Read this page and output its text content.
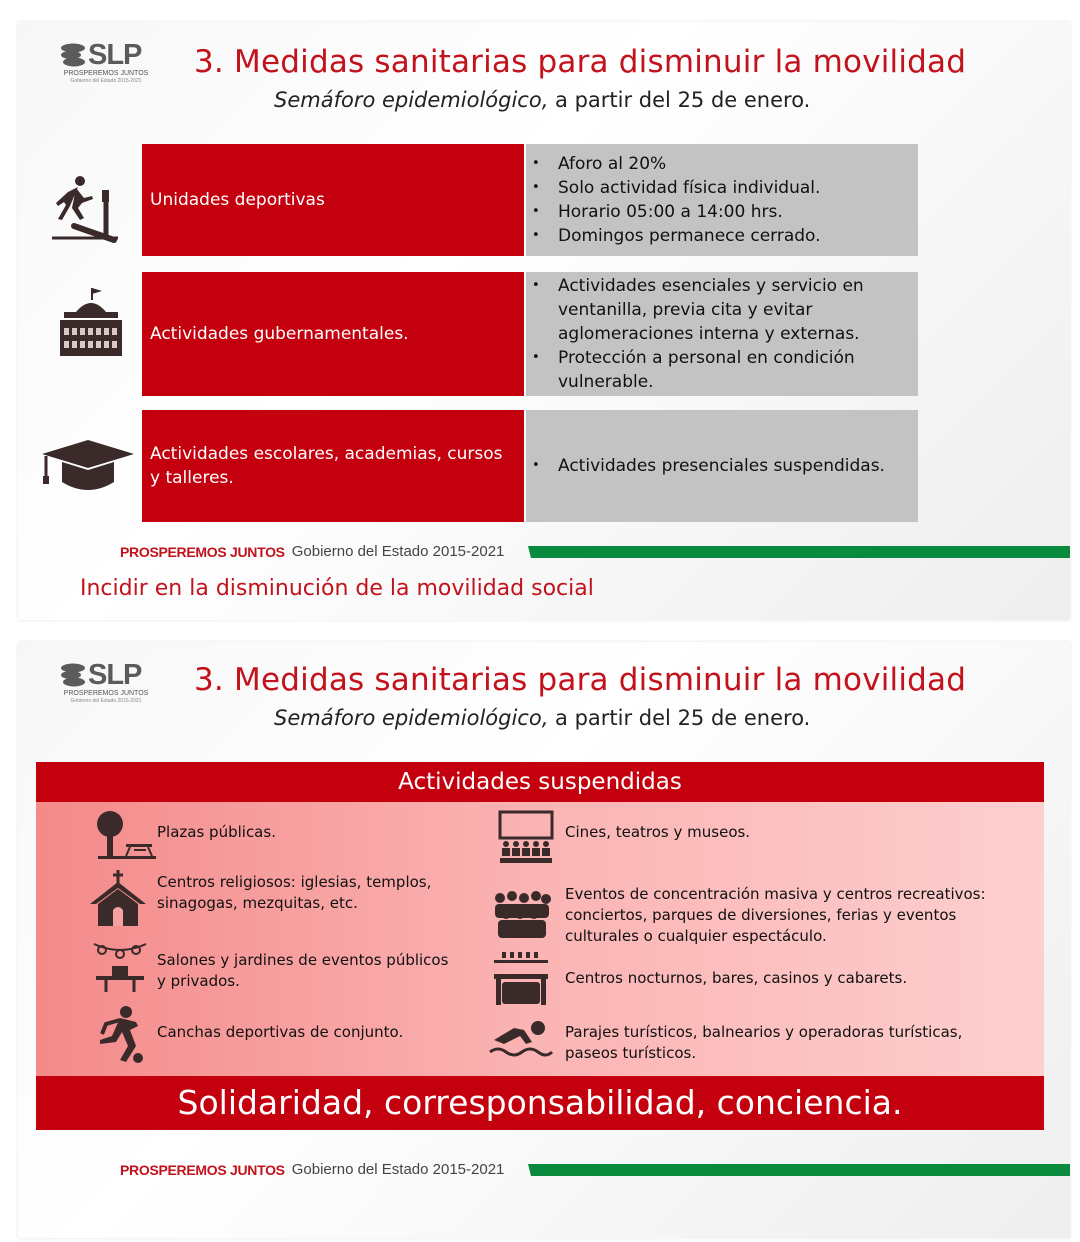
SLP
PROSPEREMOS JUNTOS
Gobierno del Estado 2015-2021
3. Medidas sanitarias para disminuir la movilidad
Semáforo epidemiológico, a partir del 25 de enero.
Unidades deportivas
• Aforo al 20%
• Solo actividad física individual.
• Horario 05:00 a 14:00 hrs.
• Domingos permanece cerrado.
Actividades gubernamentales.
• Actividades esenciales y servicio en ventanilla, previa cita y evitar aglomeraciones interna y externas.
• Protección a personal en condición vulnerable.
Actividades escolares, academias, cursos y talleres.
• Actividades presenciales suspendidas.
PROSPEREMOS JUNTOS Gobierno del Estado 2015-2021
Incidir en la disminución de la movilidad social
SLP
PROSPEREMOS JUNTOS
Gobierno del Estado 2015-2021
3. Medidas sanitarias para disminuir la movilidad
Semáforo epidemiológico, a partir del 25 de enero.
Actividades suspendidas
Plazas públicas.
Centros religiosos: iglesias, templos, sinagogas, mezquitas, etc.
Salones y jardines de eventos públicos y privados.
Canchas deportivas de conjunto.
Cines, teatros y museos.
Eventos de concentración masiva y centros recreativos: conciertos, parques de diversiones, ferias y eventos culturales o cualquier espectáculo.
Centros nocturnos, bares, casinos y cabarets.
Parajes turísticos, balnearios y operadoras turísticas, paseos turísticos.
Solidaridad, corresponsabilidad, conciencia.
PROSPEREMOS JUNTOS Gobierno del Estado 2015-2021
